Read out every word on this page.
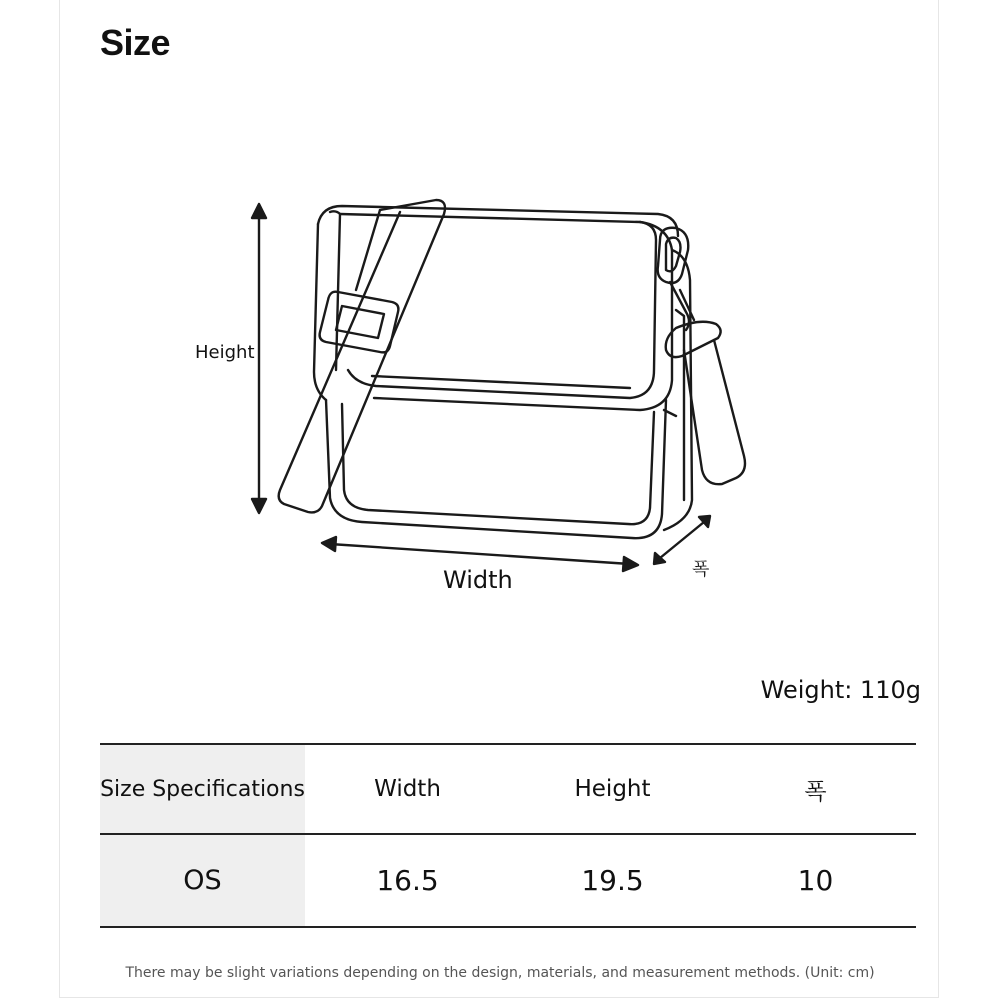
Size
Height
Width	폭
Weight: 110g
Size Specifications	Width	Height	폭
OS	16.5	19.5	10
There may be slight variations depending on the design, materials, and measurement methods. (Unit: cm)
